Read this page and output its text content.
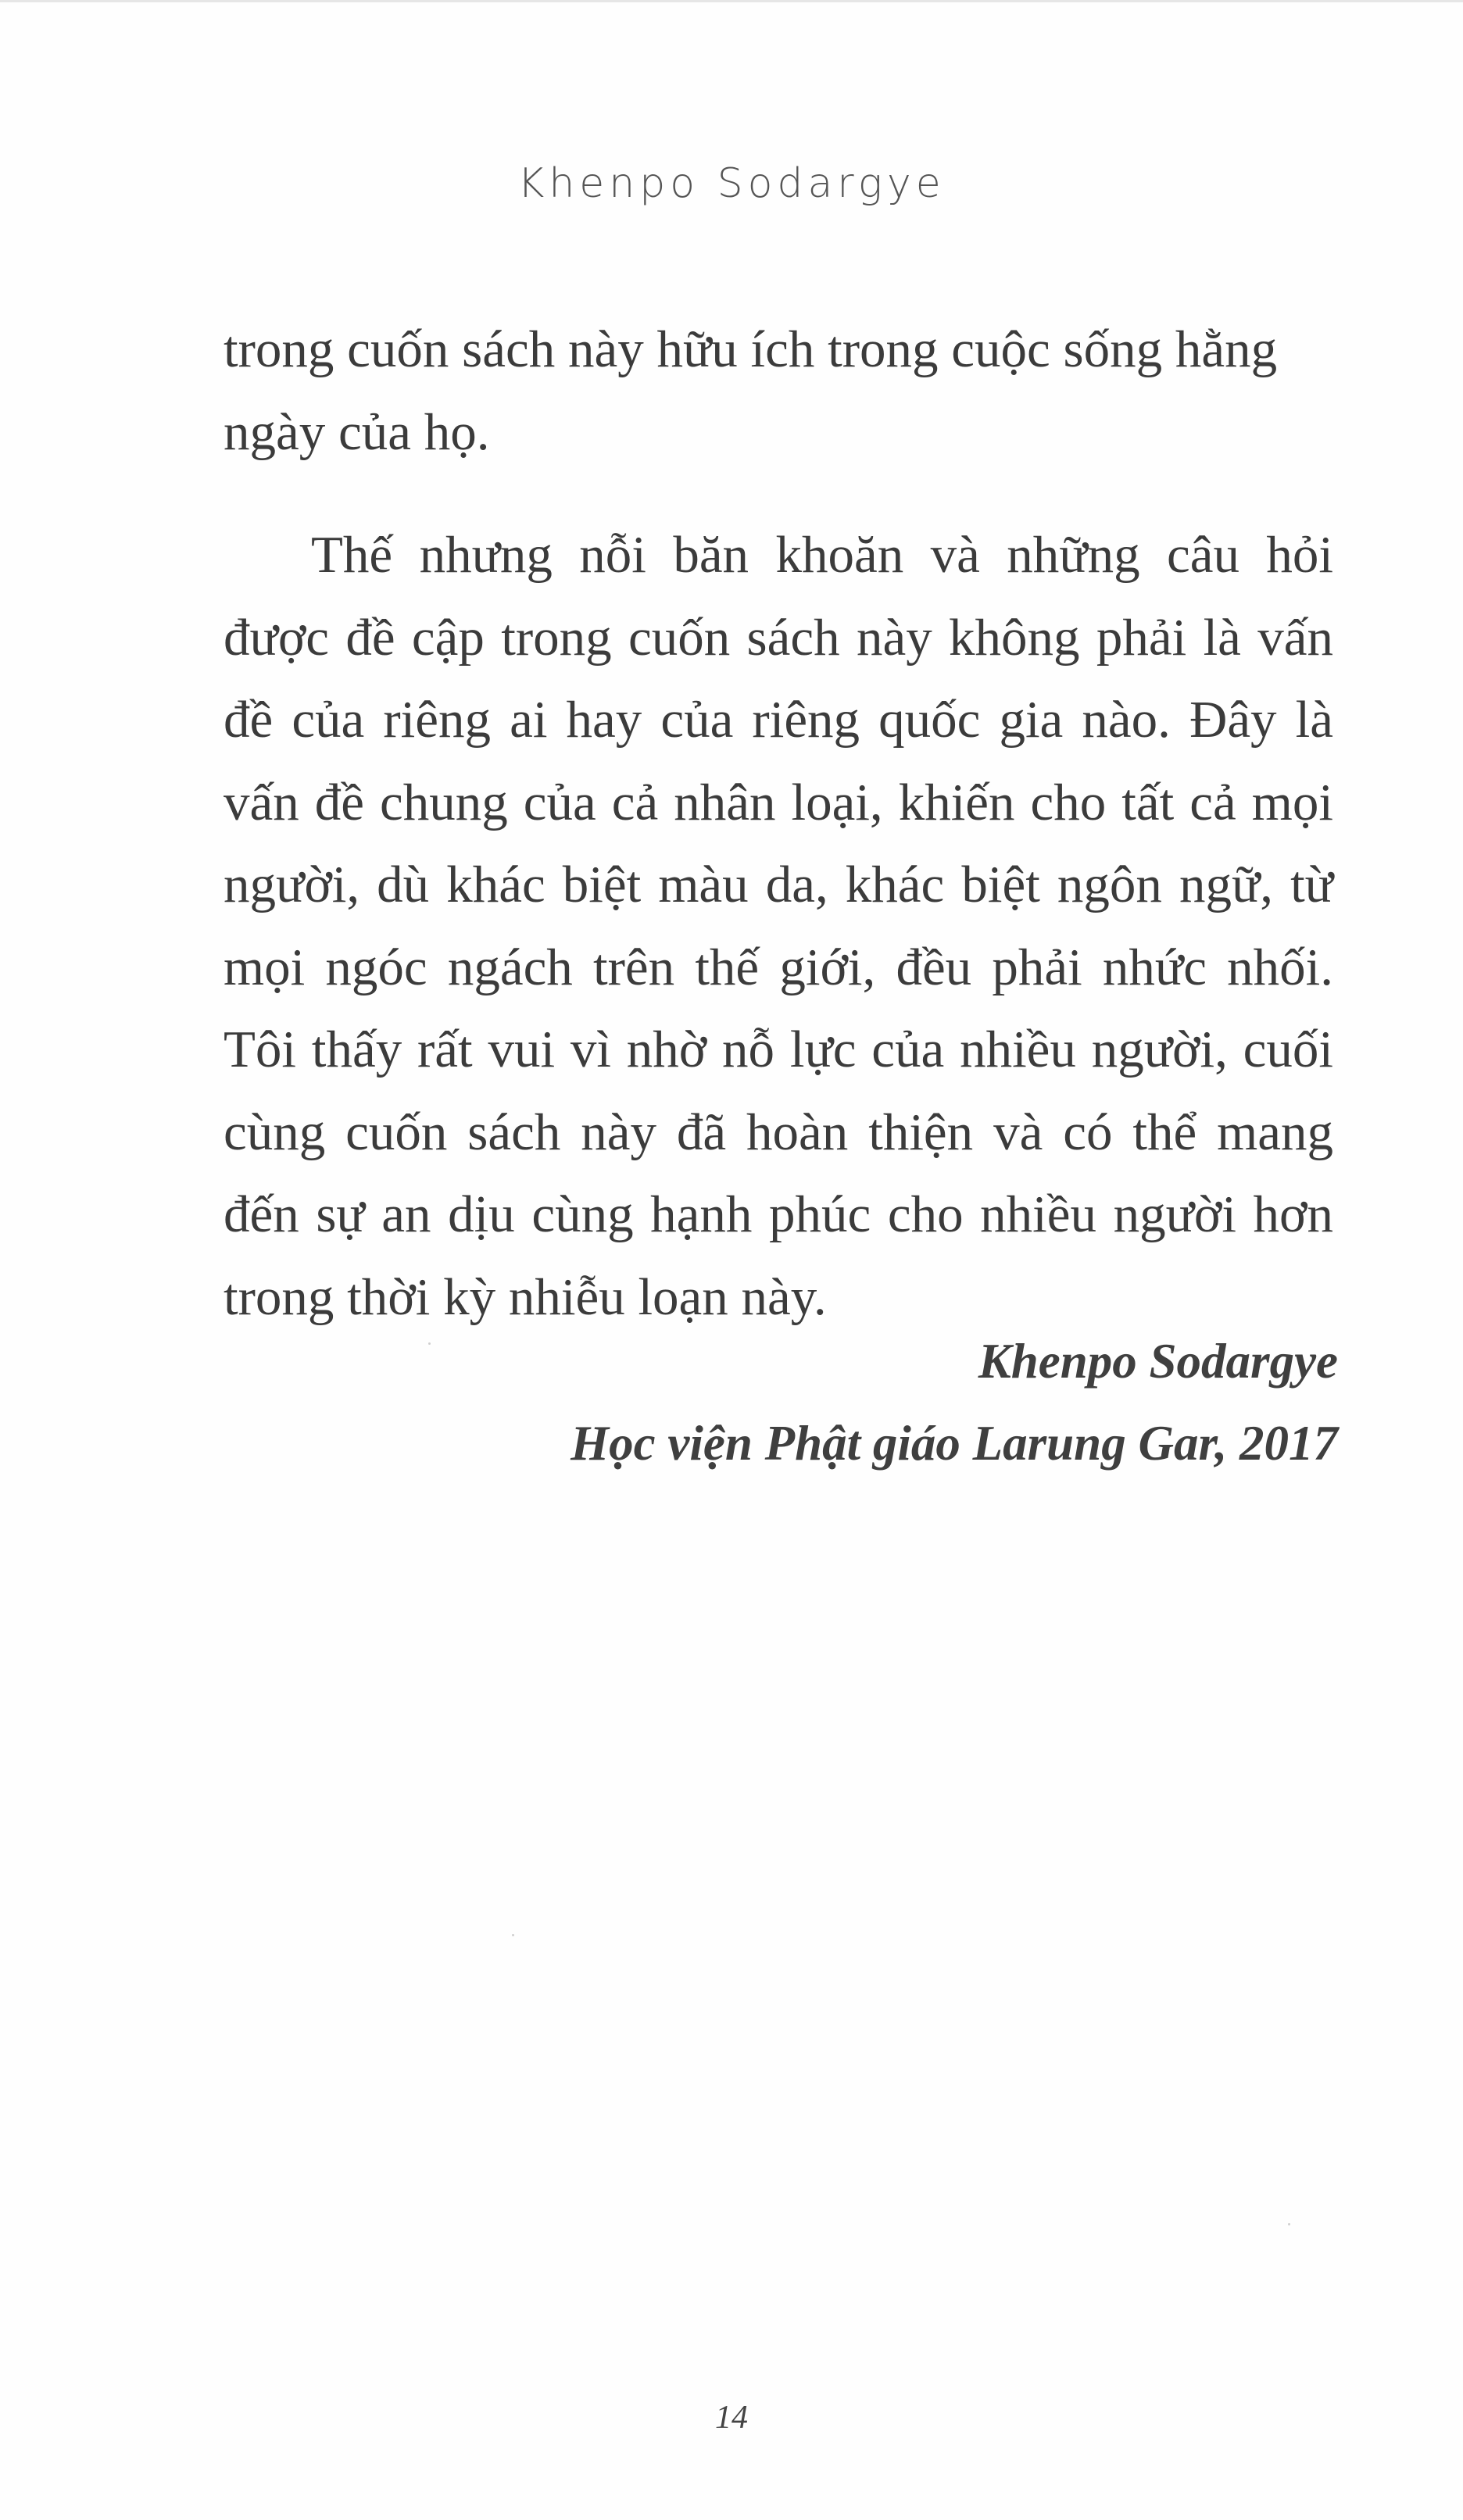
Khenpo Sodargye

trong cuốn sách này hữu ích trong cuộc sống hằng ngày của họ.

Thế nhưng nỗi băn khoăn và những câu hỏi được đề cập trong cuốn sách này không phải là vấn đề của riêng ai hay của riêng quốc gia nào. Đây là vấn đề chung của cả nhân loại, khiến cho tất cả mọi người, dù khác biệt màu da, khác biệt ngôn ngữ, từ mọi ngóc ngách trên thế giới, đều phải nhức nhối. Tôi thấy rất vui vì nhờ nỗ lực của nhiều người, cuối cùng cuốn sách này đã hoàn thiện và có thể mang đến sự an dịu cùng hạnh phúc cho nhiều người hơn trong thời kỳ nhiễu loạn này.

Khenpo Sodargye
Học viện Phật giáo Larung Gar, 2017
14
